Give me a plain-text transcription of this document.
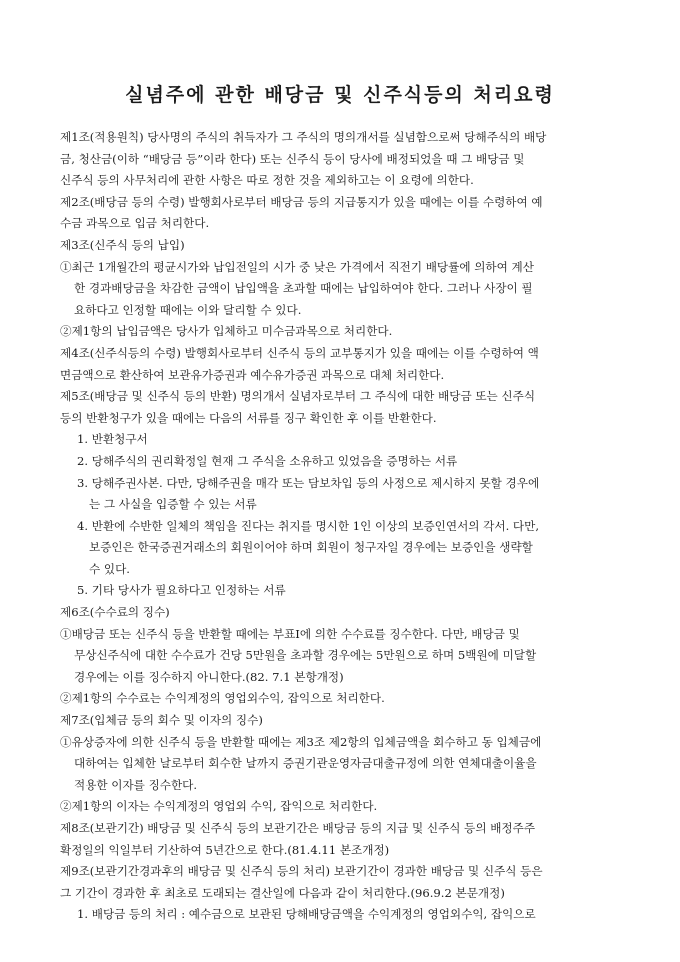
실념주에 관한 배당금 및 신주식등의 처리요령
제1조(적용원칙) 당사명의 주식의 취득자가 그 주식의 명의개서를 실념함으로써 당해주식의 배당
금, 청산금(이하 “배당금 등”이라 한다) 또는 신주식 등이 당사에 배정되었을 때 그 배당금 및
신주식 등의 사무처리에 관한 사항은 따로 정한 것을 제외하고는 이 요령에 의한다.
제2조(배당금 등의 수령) 발행회사로부터 배당금 등의 지급통지가 있을 때에는 이를 수령하여 예
수금 과목으로 입금 처리한다.
제3조(신주식 등의 납입)
①최근 1개월간의 평균시가와 납입전일의 시가 중 낮은 가격에서 직전기 배당률에 의하여 계산
한 경과배당금을 차감한 금액이 납입액을 초과할 때에는 납입하여야 한다. 그러나 사장이 필
요하다고 인정할 때에는 이와 달리할 수 있다.
②제1항의 납입금액은 당사가 입체하고 미수금과목으로 처리한다.
제4조(신주식등의 수령) 발행회사로부터 신주식 등의 교부통지가 있을 때에는 이를 수령하여 액
면금액으로 환산하여 보관유가증권과 예수유가증권 과목으로 대체 처리한다.
제5조(배당금 및 신주식 등의 반환) 명의개서 실념자로부터 그 주식에 대한 배당금 또는 신주식
등의 반환청구가 있을 때에는 다음의 서류를 징구 확인한 후 이를 반환한다.
1. 반환청구서
2. 당해주식의 권리확정일 현재 그 주식을 소유하고 있었음을 증명하는 서류
3. 당해주권사본. 다만, 당해주권을 매각 또는 담보차입 등의 사정으로 제시하지 못할 경우에
는 그 사실을 입증할 수 있는 서류
4. 반환에 수반한 일체의 책임을 진다는 취지를 명시한 1인 이상의 보증인연서의 각서. 다만,
보증인은 한국증권거래소의 회원이어야 하며 회원이 청구자일 경우에는 보증인을 생략할
수 있다.
5. 기타 당사가 필요하다고 인정하는 서류
제6조(수수료의 징수)
①배당금 또는 신주식 등을 반환할 때에는 부표Ⅰ에 의한 수수료를 징수한다. 다만, 배당금 및
무상신주식에 대한 수수료가 건당 5만원을 초과할 경우에는 5만원으로 하며 5백원에 미달할
경우에는 이를 징수하지 아니한다.(82. 7.1 본항개정)
②제1항의 수수료는 수익계정의 영업외수익, 잡익으로 처리한다.
제7조(입체금 등의 회수 및 이자의 징수)
①유상증자에 의한 신주식 등을 반환할 때에는 제3조 제2항의 입체금액을 회수하고 동 입체금에
대하여는 입체한 날로부터 회수한 날까지 증권기관운영자금대출규정에 의한 연체대출이율을
적용한 이자를 징수한다.
②제1항의 이자는 수익계정의 영업외 수익, 잡익으로 처리한다.
제8조(보관기간) 배당금 및 신주식 등의 보관기간은 배당금 등의 지급 및 신주식 등의 배정주주
확정일의 익일부터 기산하여 5년간으로 한다.(81.4.11 본조개정)
제9조(보관기간경과후의 배당금 및 신주식 등의 처리) 보관기간이 경과한 배당금 및 신주식 등은
그 기간이 경과한 후 최초로 도래되는 결산일에 다음과 같이 처리한다.(96.9.2 본문개정)
1. 배당금 등의 처리 : 예수금으로 보관된 당해배당금액을 수익계정의 영업외수익, 잡익으로
